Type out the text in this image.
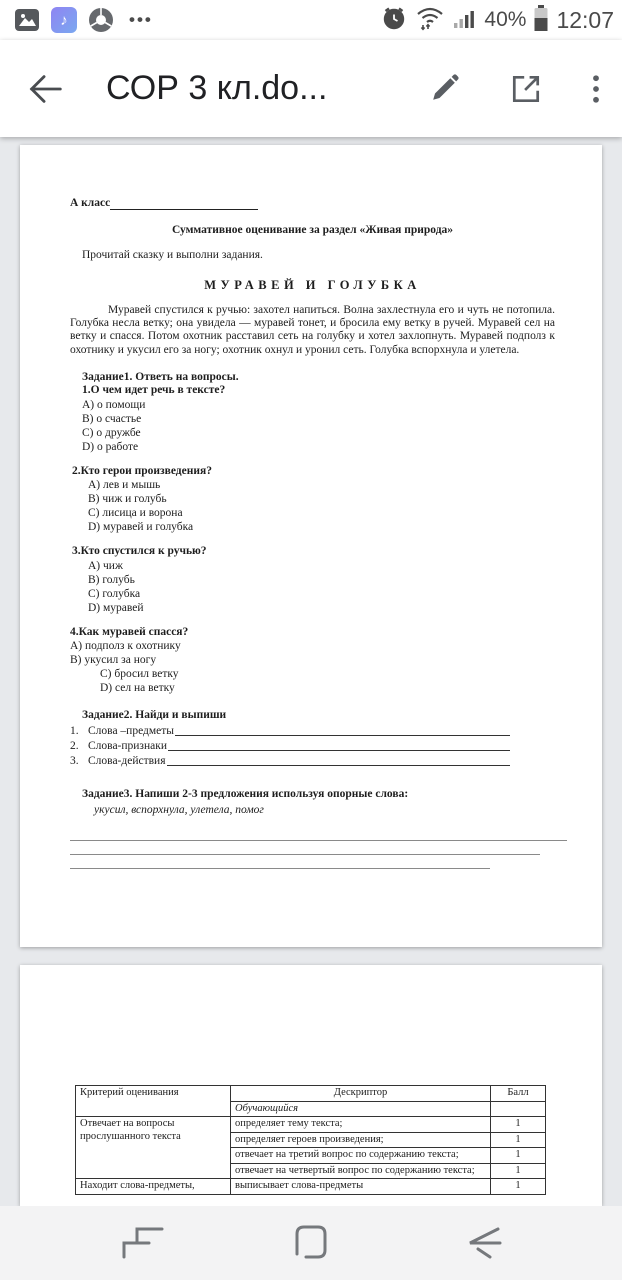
♪	•••	40% 12:07
СОР 3 кл.do...
А класс
Суммативное оценивание за раздел «Живая природа»
Прочитай сказку и выполни задания.
МУРАВЕЙ И ГОЛУБКА
Муравей спустился к ручью: захотел напиться. Волна захлестнула его и чуть не потопила. Голубка несла ветку; она увидела — муравей тонет, и бросила ему ветку в ручей. Муравей сел на ветку и спасся. Потом охотник расставил сеть на голубку и хотел захлопнуть. Муравей подполз к охотнику и укусил его за ногу; охотник охнул и уронил сеть. Голубка вспорхнула и улетела.
Задание1. Ответь на вопросы.
1.О чем идет речь в тексте?
A) о помощи
B) о счастье
C) о дружбе
D) о работе
2.Кто герои произведения?
A) лев и мышь
B) чиж и голубь
C) лисица и ворона
D) муравей и голубка
3.Кто спустился к ручью?
A) чиж
B) голубь
C) голубка
D) муравей
4.Как муравей спасся?
A) подполз к охотнику
B) укусил за ногу
C) бросил ветку
D) сел на ветку
Задание2. Найди и выпиши
1. Слова –предметы
2. Слова-признаки
3. Слова-действия
Задание3. Напиши 2-3 предложения используя опорные слова:
укусил, вспорхнула, улетела, помог
Критерий оценивания	Дескриптор	Балл
	Обучающийся	
Отвечает на вопросы прослушанного текста	определяет тему текста;	1
	определяет героев произведения;	1
	отвечает на третий вопрос по содержанию текста;	1
	отвечает на четвертый вопрос по содержанию текста;	1
Находит слова-предметы,	выписывает слова-предметы	1
